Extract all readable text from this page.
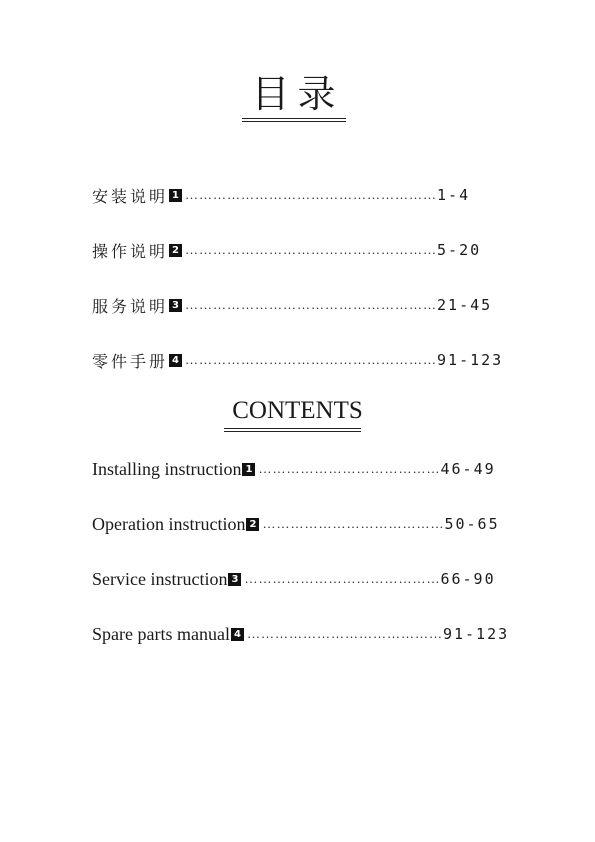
目录
安装说明 1 ……………………………………………… 1-4
操作说明 2 ……………………………………………… 5-20
服务说明 3 ……………………………………………… 21-45
零件手册 4 ……………………………………………… 91-123
CONTENTS
Installing instruction 1 ………………………………… 46-49
Operation instruction 2 ………………………………… 50-65
Service instruction 3 …………………………………… 66-90
Spare parts manual 4 …………………………………… 91-123
